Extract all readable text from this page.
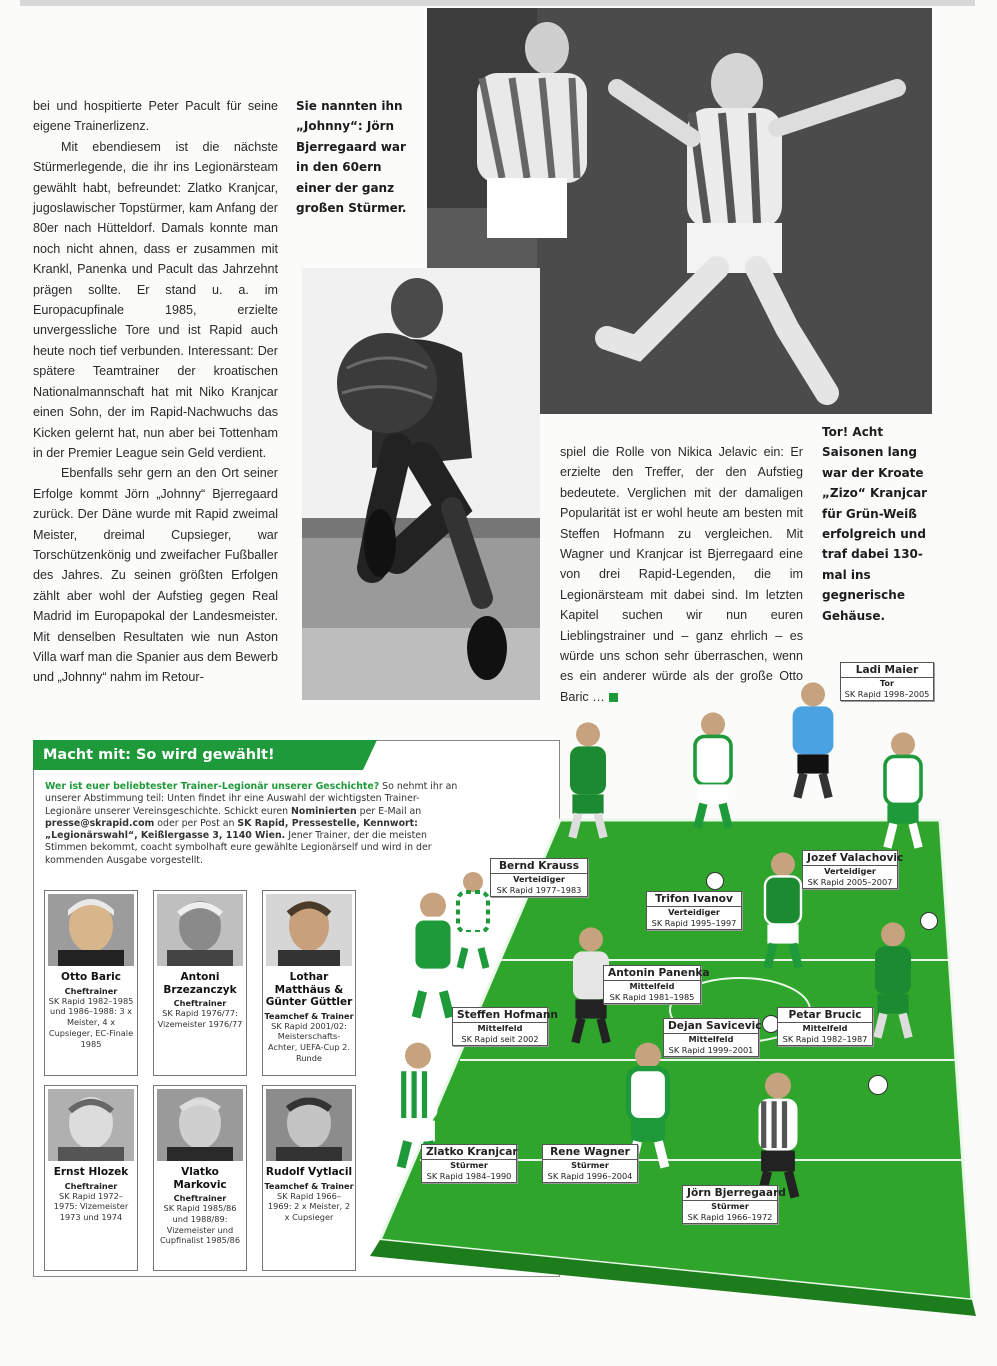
bei und hospitierte Peter Pacult für seine eigene Trainerlizenz.

Mit ebendiesem ist die nächste Stürmerlegende, die ihr ins Legionärsteam gewählt habt, befreundet: Zlatko Kranjcar, jugoslawischer Topstürmer, kam Anfang der 80er nach Hütteldorf. Damals konnte man noch nicht ahnen, dass er zusammen mit Krankl, Panenka und Pacult das Jahrzehnt prägen sollte. Er stand u. a. im Europacupfinale 1985, erzielte unvergessliche Tore und ist Rapid auch heute noch tief verbunden. Interessant: Der spätere Teamtrainer der kroatischen Nationalmannschaft hat mit Niko Kranjcar einen Sohn, der im Rapid-Nachwuchs das Kicken gelernt hat, nun aber bei Tottenham in der Premier League sein Geld verdient.

Ebenfalls sehr gern an den Ort seiner Erfolge kommt Jörn „Johnny“ Bjerregaard zurück. Der Däne wurde mit Rapid zweimal Meister, dreimal Cupsieger, war Torschützenkönig und zweifacher Fußballer des Jahres. Zu seinen größten Erfolgen zählt aber wohl der Aufstieg gegen Real Madrid im Europapokal der Landesmeister. Mit denselben Resultaten wie nun Aston Villa warf man die Spanier aus dem Bewerb und „Johnny“ nahm im Retour-

Sie nannten ihn „Johnny“: Jörn Bjerregaard war in den 60ern einer der ganz großen Stürmer.

spiel die Rolle von Nikica Jelavic ein: Er erzielte den Treffer, der den Aufstieg bedeutete. Verglichen mit der damaligen Popularität ist er wohl heute am besten mit Steffen Hofmann zu vergleichen. Mit Wagner und Kranjcar ist Bjerregaard eine von drei Rapid-Legenden, die im Legionärsteam mit dabei sind. Im letzten Kapitel suchen wir nun euren Lieblingstrainer und – ganz ehrlich – es würde uns schon sehr überraschen, wenn es ein anderer würde als der große Otto Baric …

Tor! Acht Saisonen lang war der Kroate „Zizo“ Kranjcar für Grün-Weiß erfolgreich und traf dabei 130-mal ins gegnerische Gehäuse.
Macht mit: So wird gewählt!
Wer ist euer beliebtester Trainer-Legionär unserer Geschichte? So nehmt ihr an unserer Abstimmung teil: Unten findet ihr eine Auswahl der wichtigsten Trainer-Legionäre unserer Vereinsgeschichte. Schickt euren Nominierten per E-Mail an presse@skrapid.com oder per Post an SK Rapid, Pressestelle, Kennwort: „Legionärswahl“, Keißlergasse 3, 1140 Wien. Jener Trainer, der die meisten Stimmen bekommt, coacht symbolhaft eure gewählte Legionärself und wird in der kommenden Ausgabe vorgestellt.
Otto Baric
Cheftrainer
SK Rapid 1982–1985 und 1986–1988: 3 x Meister, 4 x Cupsieger, EC-Finale 1985
Antoni Brzezanczyk
Cheftrainer
SK Rapid 1976/77: Vizemeister 1976/77
Lothar Matthäus & Günter Güttler
Teamchef & Trainer
SK Rapid 2001/02: Meisterschafts-Achter, UEFA-Cup 2. Runde
Ernst Hlozek
Cheftrainer
SK Rapid 1972–1975: Vizemeister 1973 und 1974
Vlatko Markovic
Cheftrainer
SK Rapid 1985/86 und 1988/89: Vizemeister und Cupfinalist 1985/86
Rudolf Vytlacil
Teamchef & Trainer
SK Rapid 1966–1969: 2 x Meister, 2 x Cupsieger
Ladi Maier
Tor
SK Rapid 1998–2005
Bernd Krauss
Verteidiger
SK Rapid 1977–1983
Jozef Valachovic
Verteidiger
SK Rapid 2005–2007
Trifon Ivanov
Verteidiger
SK Rapid 1995–1997
Antonin Panenka
Mittelfeld
SK Rapid 1981–1985
Steffen Hofmann
Mittelfeld
SK Rapid seit 2002
Dejan Savicevic
Mittelfeld
SK Rapid 1999–2001
Petar Brucic
Mittelfeld
SK Rapid 1982–1987
Zlatko Kranjcar
Stürmer
SK Rapid 1984–1990
Rene Wagner
Stürmer
SK Rapid 1996–2004
Jörn Bjerregaard
Stürmer
SK Rapid 1966–1972
